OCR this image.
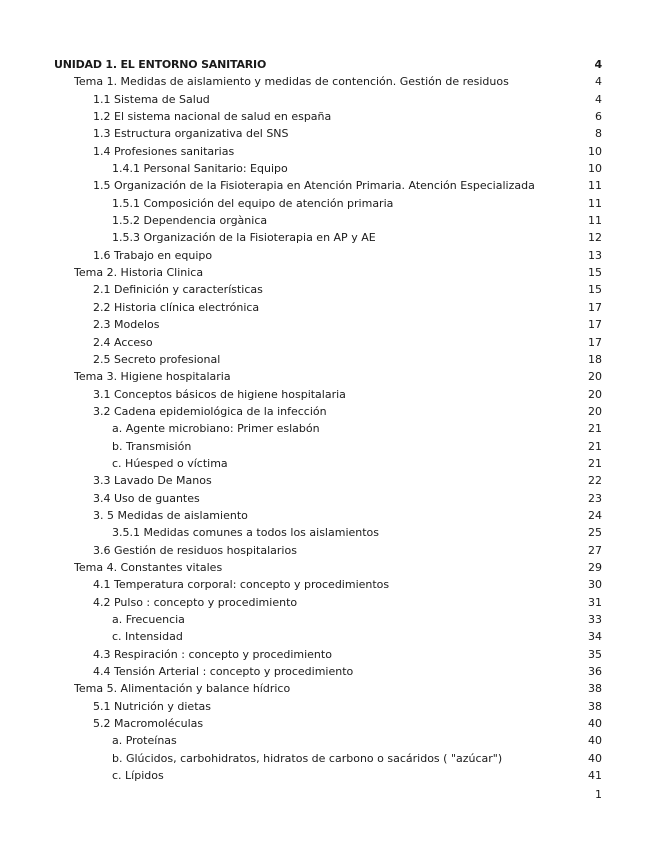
UNIDAD 1. EL ENTORNO SANITARIO	4
Tema 1. Medidas de aislamiento y medidas de contención. Gestión de residuos	4
1.1 Sistema de Salud	4
1.2 El sistema nacional de salud en españa	6
1.3 Estructura organizativa del SNS	8
1.4 Profesiones sanitarias	10
1.4.1 Personal Sanitario: Equipo	10
1.5 Organización de la Fisioterapia en Atención Primaria. Atención Especializada	11
1.5.1 Composición del equipo de atención primaria	11
1.5.2 Dependencia orgànica	11
1.5.3 Organización de la Fisioterapia en AP y AE	12
1.6 Trabajo en equipo	13
Tema 2. Historia Clinica	15
2.1 Definición y características	15
2.2 Historia clínica electrónica	17
2.3 Modelos	17
2.4 Acceso	17
2.5 Secreto profesional	18
Tema 3. Higiene hospitalaria	20
3.1 Conceptos básicos de higiene hospitalaria	20
3.2 Cadena epidemiológica de la infección	20
a. Agente microbiano: Primer eslabón	21
b. Transmisión	21
c. Húesped o víctima	21
3.3 Lavado De Manos	22
3.4 Uso de guantes	23
3. 5 Medidas de aislamiento	24
3.5.1 Medidas comunes a todos los aislamientos	25
3.6 Gestión de residuos hospitalarios	27
Tema 4. Constantes vitales	29
4.1 Temperatura corporal: concepto y procedimientos	30
4.2 Pulso : concepto y procedimiento	31
a. Frecuencia	33
c. Intensidad	34
4.3 Respiración : concepto y procedimiento	35
4.4 Tensión Arterial : concepto y procedimiento	36
Tema 5. Alimentación y balance hídrico	38
5.1 Nutrición y dietas	38
5.2 Macromoléculas	40
a. Proteínas	40
b. Glúcidos, carbohidratos, hidratos de carbono o sacáridos ( "azúcar")	40
c. Lípidos	41
1
